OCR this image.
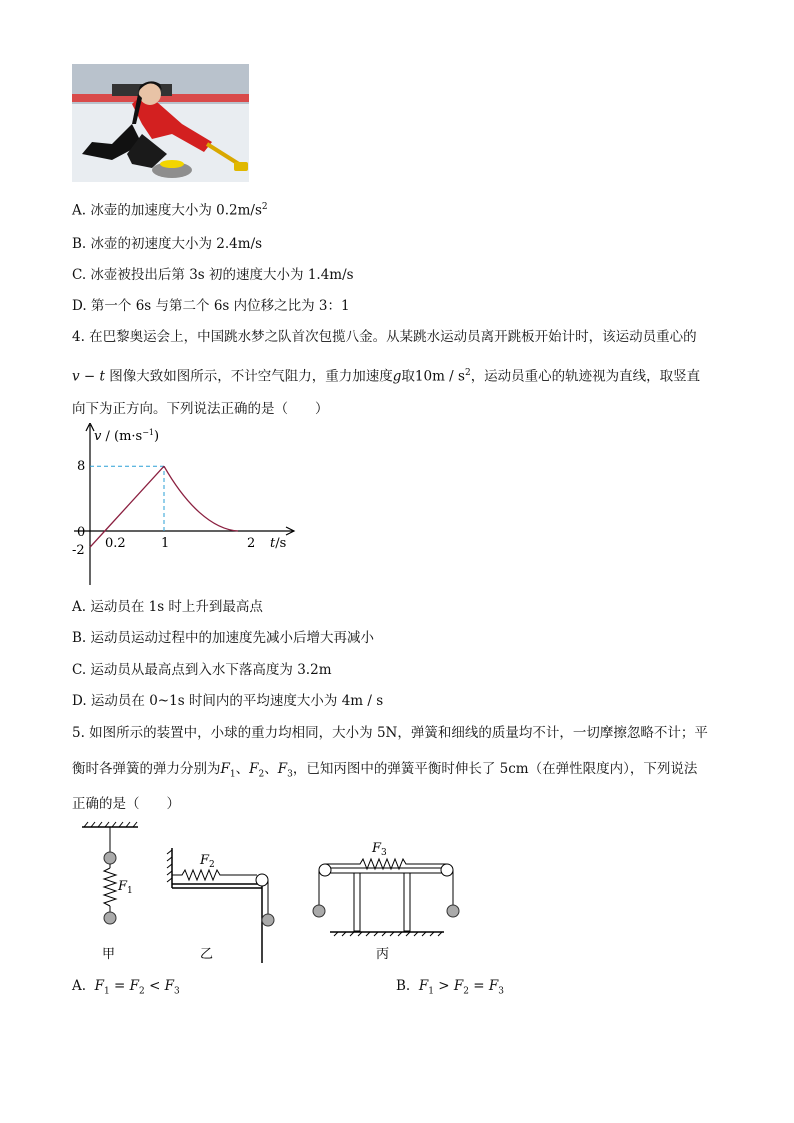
A. 冰壶的加速度大小为 $0.2m/s^2$
B. 冰壶的初速度大小为 2.4m/s
C. 冰壶被投出后第 3s 初的速度大小为 1.4m/s
D. 第一个 6s 与第二个 6s 内位移之比为 3：1
4. 在巴黎奥运会上，中国跳水梦之队首次包揽八金。从某跳水运动员离开跳板开始计时，该运动员重心的
v − t 图像大致如图所示，不计空气阻力，重力加速度g取$10m / s^2$，运动员重心的轨迹视为直线，取竖直
向下为正方向。下列说法正确的是（　　）
$v / (m\cdot s^{-1})$
t/s
8
0
-2 0.2	1	2
A. 运动员在 1s 时上升到最高点
B. 运动员运动过程中的加速度先减小后增大再减小
C. 运动员从最高点到入水下落高度为 3.2m
D. 运动员在 0~1s 时间内的平均速度大小为 4m / s
5. 如图所示的装置中，小球的重力均相同，大小为 5N，弹簧和细线的质量均不计，一切摩擦忽略不计；平
衡时各弹簧的弹力分别为$F_1$、$F_2$、$F_3$，已知丙图中的弹簧平衡时伸长了 5cm（在弹性限度内），下列说法
正确的是（　　）
$F_1$
甲
$F_2$
乙
$F_3$
丙
A. $F_1 = F_2 < F_3$	B. $F_1 > F_2 = F_3$
